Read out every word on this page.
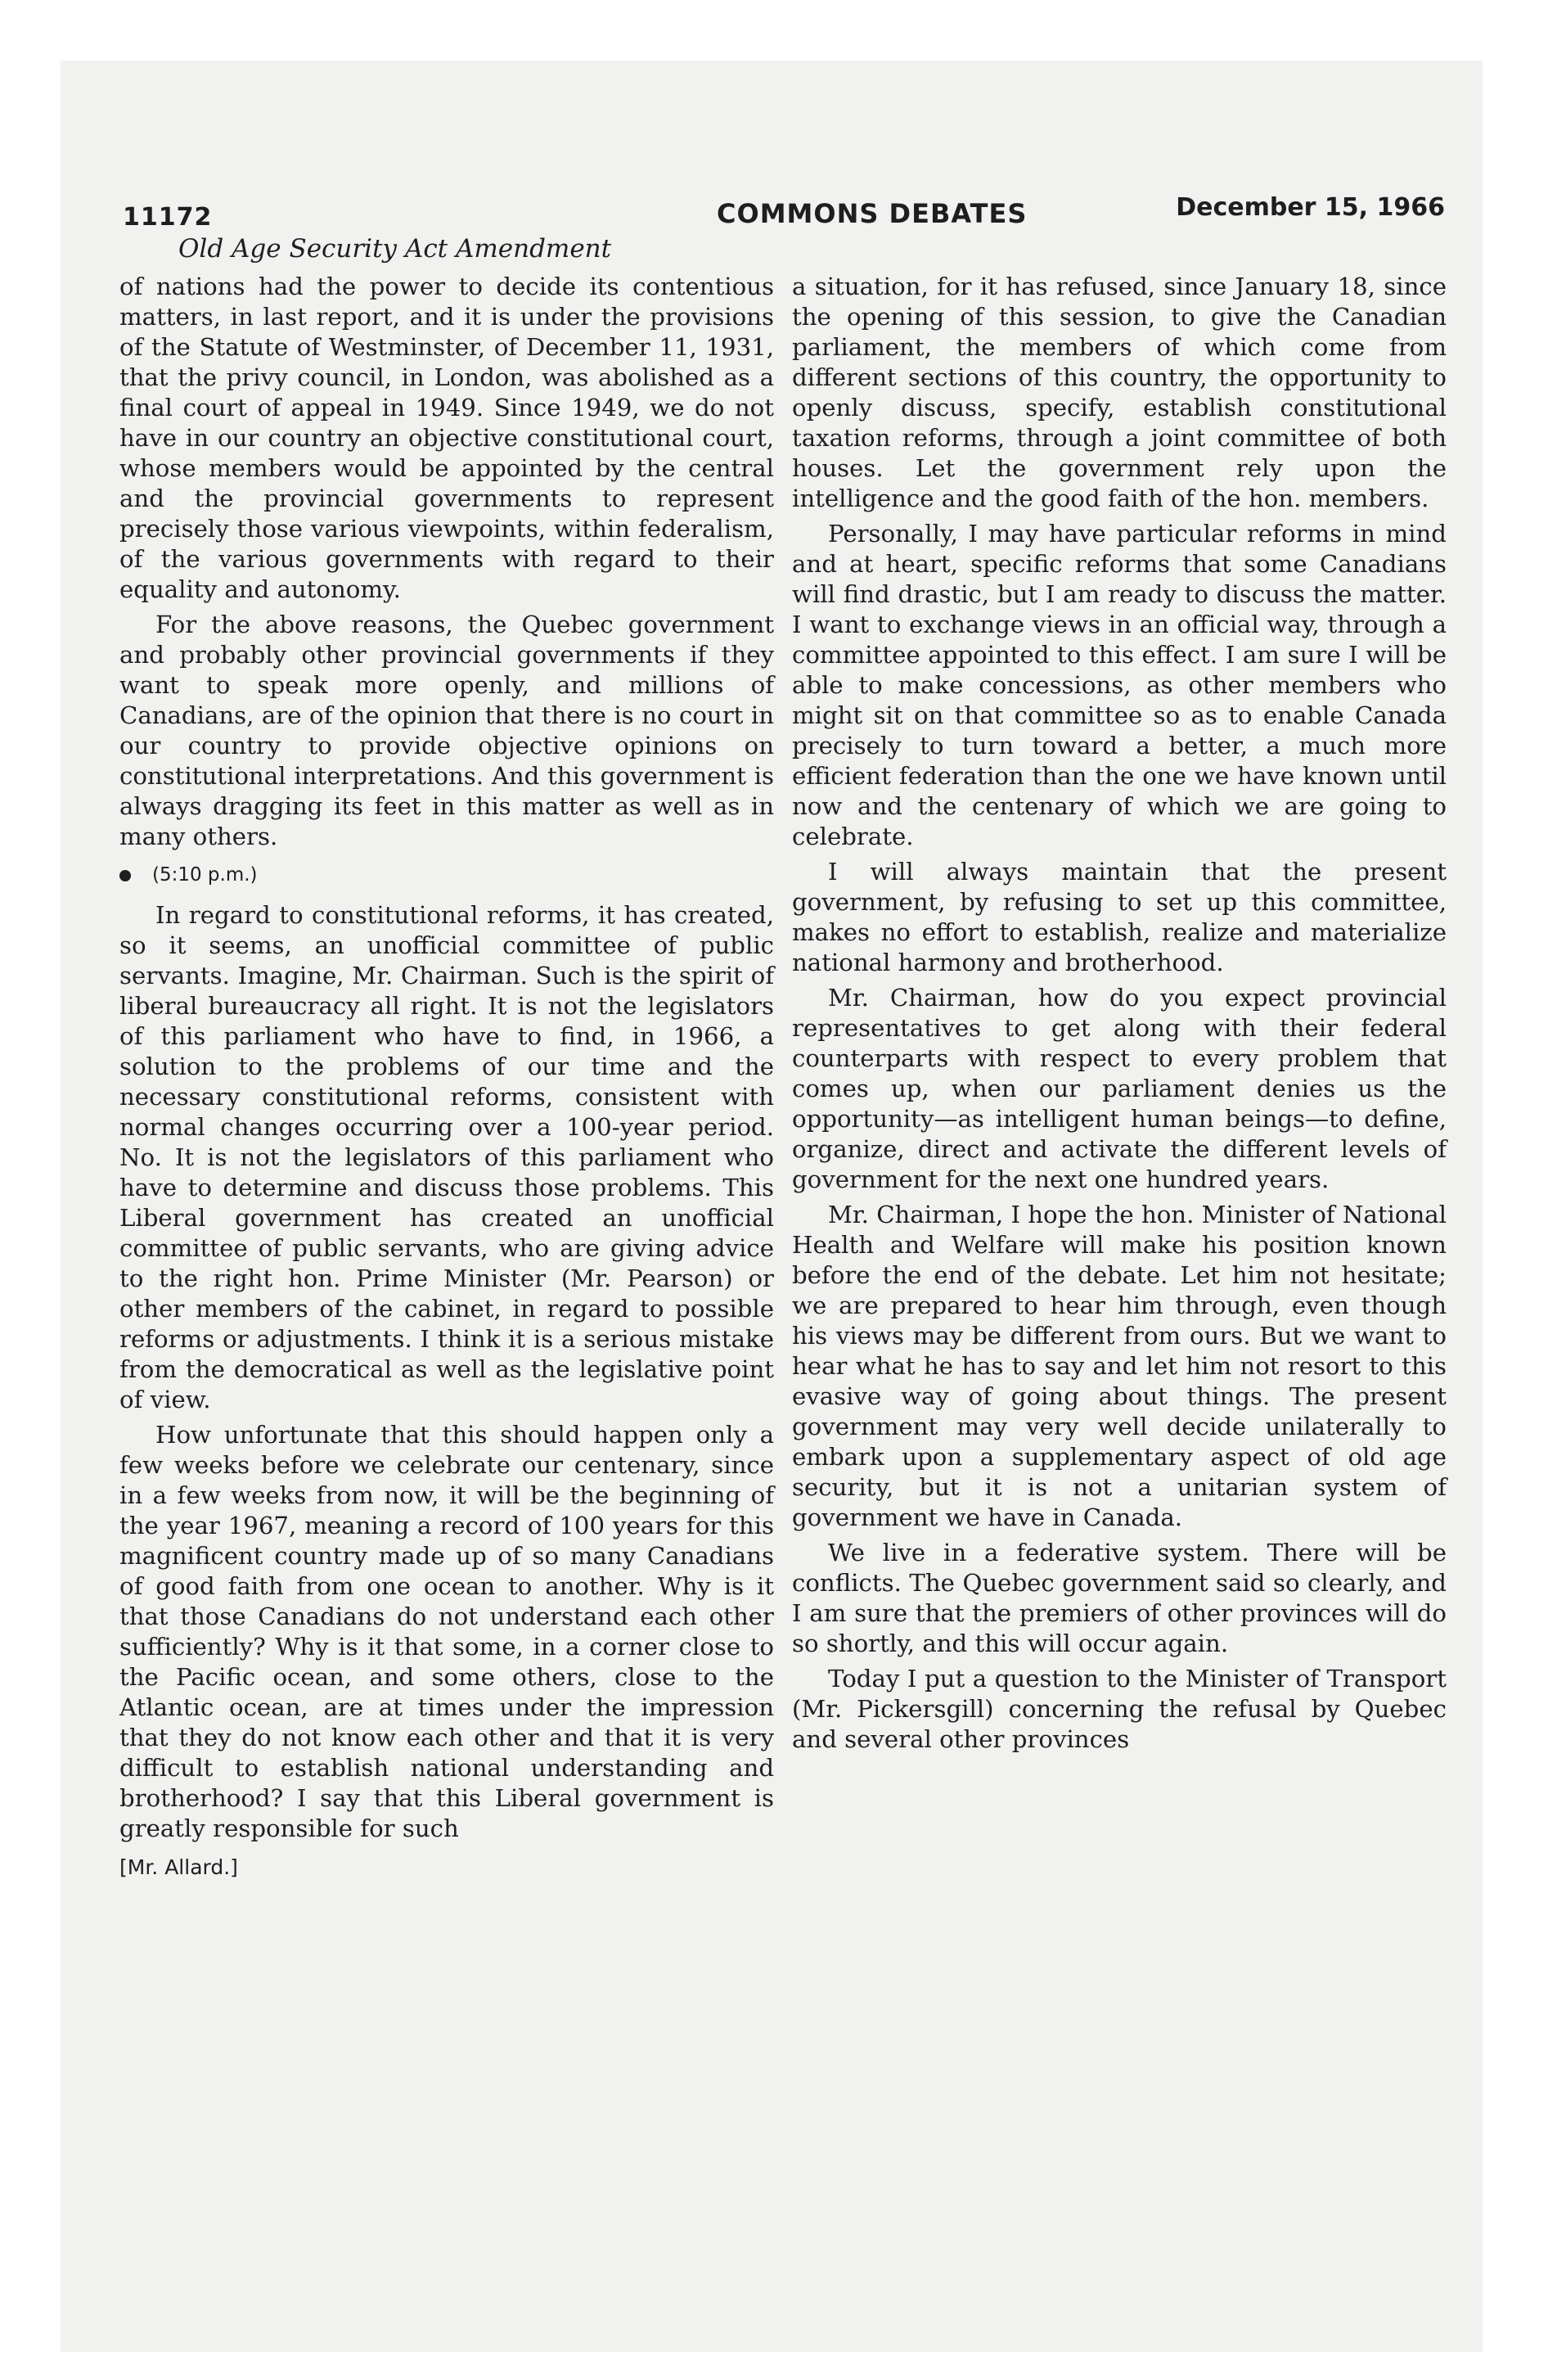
11172	COMMONS DEBATES	December 15, 1966
Old Age Security Act Amendment

of nations had the power to decide its contentious matters, in last report, and it is under the provisions of the Statute of Westminster, of December 11, 1931, that the privy council, in London, was abolished as a final court of appeal in 1949. Since 1949, we do not have in our country an objective constitutional court, whose members would be appointed by the central and the provincial governments to represent precisely those various viewpoints, within federalism, of the various governments with regard to their equality and autonomy.

For the above reasons, the Quebec government and probably other provincial governments if they want to speak more openly, and millions of Canadians, are of the opinion that there is no court in our country to provide objective opinions on constitutional interpretations. And this government is always dragging its feet in this matter as well as in many others.

(5:10 p.m.)

In regard to constitutional reforms, it has created, so it seems, an unofficial committee of public servants. Imagine, Mr. Chairman. Such is the spirit of liberal bureaucracy all right. It is not the legislators of this parliament who have to find, in 1966, a solution to the problems of our time and the necessary constitutional reforms, consistent with normal changes occurring over a 100-year period. No. It is not the legislators of this parliament who have to determine and discuss those problems. This Liberal government has created an unofficial committee of public servants, who are giving advice to the right hon. Prime Minister (Mr. Pearson) or other members of the cabinet, in regard to possible reforms or adjustments. I think it is a serious mistake from the democratical as well as the legislative point of view.

How unfortunate that this should happen only a few weeks before we celebrate our centenary, since in a few weeks from now, it will be the beginning of the year 1967, meaning a record of 100 years for this magnificent country made up of so many Canadians of good faith from one ocean to another. Why is it that those Canadians do not understand each other sufficiently? Why is it that some, in a corner close to the Pacific ocean, and some others, close to the Atlantic ocean, are at times under the impression that they do not know each other and that it is very difficult to establish national understanding and brotherhood? I say that this Liberal government is greatly responsible for such

[Mr. Allard.]

a situation, for it has refused, since January 18, since the opening of this session, to give the Canadian parliament, the members of which come from different sections of this country, the opportunity to openly discuss, specify, establish constitutional taxation reforms, through a joint committee of both houses. Let the government rely upon the intelligence and the good faith of the hon. members.

Personally, I may have particular reforms in mind and at heart, specific reforms that some Canadians will find drastic, but I am ready to discuss the matter. I want to exchange views in an official way, through a committee appointed to this effect. I am sure I will be able to make concessions, as other members who might sit on that committee so as to enable Canada precisely to turn toward a better, a much more efficient federation than the one we have known until now and the centenary of which we are going to celebrate.

I will always maintain that the present government, by refusing to set up this committee, makes no effort to establish, realize and materialize national harmony and brotherhood.

Mr. Chairman, how do you expect provincial representatives to get along with their federal counterparts with respect to every problem that comes up, when our parliament denies us the opportunity—as intelligent human beings—to define, organize, direct and activate the different levels of government for the next one hundred years.

Mr. Chairman, I hope the hon. Minister of National Health and Welfare will make his position known before the end of the debate. Let him not hesitate; we are prepared to hear him through, even though his views may be different from ours. But we want to hear what he has to say and let him not resort to this evasive way of going about things. The present government may very well decide unilaterally to embark upon a supplementary aspect of old age security, but it is not a unitarian system of government we have in Canada.

We live in a federative system. There will be conflicts. The Quebec government said so clearly, and I am sure that the premiers of other provinces will do so shortly, and this will occur again.

Today I put a question to the Minister of Transport (Mr. Pickersgill) concerning the refusal by Quebec and several other provinces
